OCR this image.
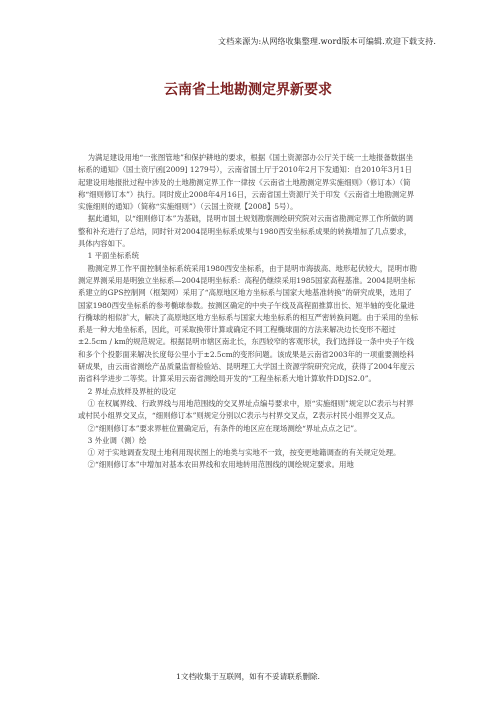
文档来源为:从网络收集整理.word版本可编辑.欢迎下载支持.
云南省土地勘测定界新要求

为满足建设用地“一张图管地”和保护耕地的要求，根据《国土资源部办公厅关于统一土地报备数据坐标系的通知》（国土资厅函[2009] 1279号），云南省国土厅于2010年2月下发通知：自2010年3月1日起建设用地报批过程中涉及的土地勘测定界工作一律按《云南省土地勘测定界实施细则》（修订本）（简称“细则修订本”）执行。同时废止2008年4月16日，云南省国土资源厅关于印发《云南省土地勘测定界实施细则的通知》（简称“实施细则”）（云国土资规【2008】5号）。

据此通知，以“细则修订本”为基础，昆明市国土规划勘察测绘研究院对云南省勘测定界工作所做的调整和补充进行了总结，同时针对2004昆明坐标系成果与1980西安坐标系成果的转换增加了几点要求，具体内容如下。

1 平面坐标系统

勘测定界工作平面控制坐标系统采用1980西安坐标系，由于昆明市海拔高、地形起伏较大，昆明市勘测定界测采用是明独立坐标系—2004昆明坐标系：高程仍继续采用1985国家高程基准。2004昆明坐标系建立的GPS控制网（框架网）采用了“高原地区地方坐标系与国家大地基准转换”的研究成果，选用了国家1980西安坐标系的参考椭球参数。按测区确定的中央子午线及高程面推算出长、短半轴的变化量进行椭球的相似扩大，解决了高原地区地方坐标系与国家大地坐标系的相互严密转换问题。由于采用的坐标系是一种大地坐标系，因此，可采取换带计算或确定不同工程椭球面的方法来解决边长变形不超过±2.5cm / km的规范规定。根据昆明市辖区南北长，东西较窄的客观形状，我们选择设一条中央子午线和多个个投影面来解决长度每公里小于±2.5cm的变形问题。该成果是云南省2003年的一项重要测绘科研成果，由云南省测绘产品质量监督检验站、昆明理工大学国土资源学院研究完成，获得了2004年度云南省科学进步二等奖。计算采用云南省测绘局开发的“工程坐标系大地计算软件DDJS2.0”。

2 界址点放样及界桩的设定

① 在权属界线、行政界线与用地范围线的交叉界址点编号要求中，原“实施细则”规定以C表示与村界或村民小组界交叉点，“细则修订本”则规定分别以C表示与村界交叉点，Z表示村民小组界交叉点。

②“细则修订本”要求界桩位置确定后，有条件的地区应在现场测绘“界址点点之记”。

3 外业调（测）绘

① 对于实地调查发现土地利用现状图上的地类与实地不一致，按变更地籍调查的有关规定处理。

②“细则修订本”中增加对基本农田界线和农用地转用范围线的调绘规定要求。用地

1文档收集于互联网，如有不妥请联系删除.
